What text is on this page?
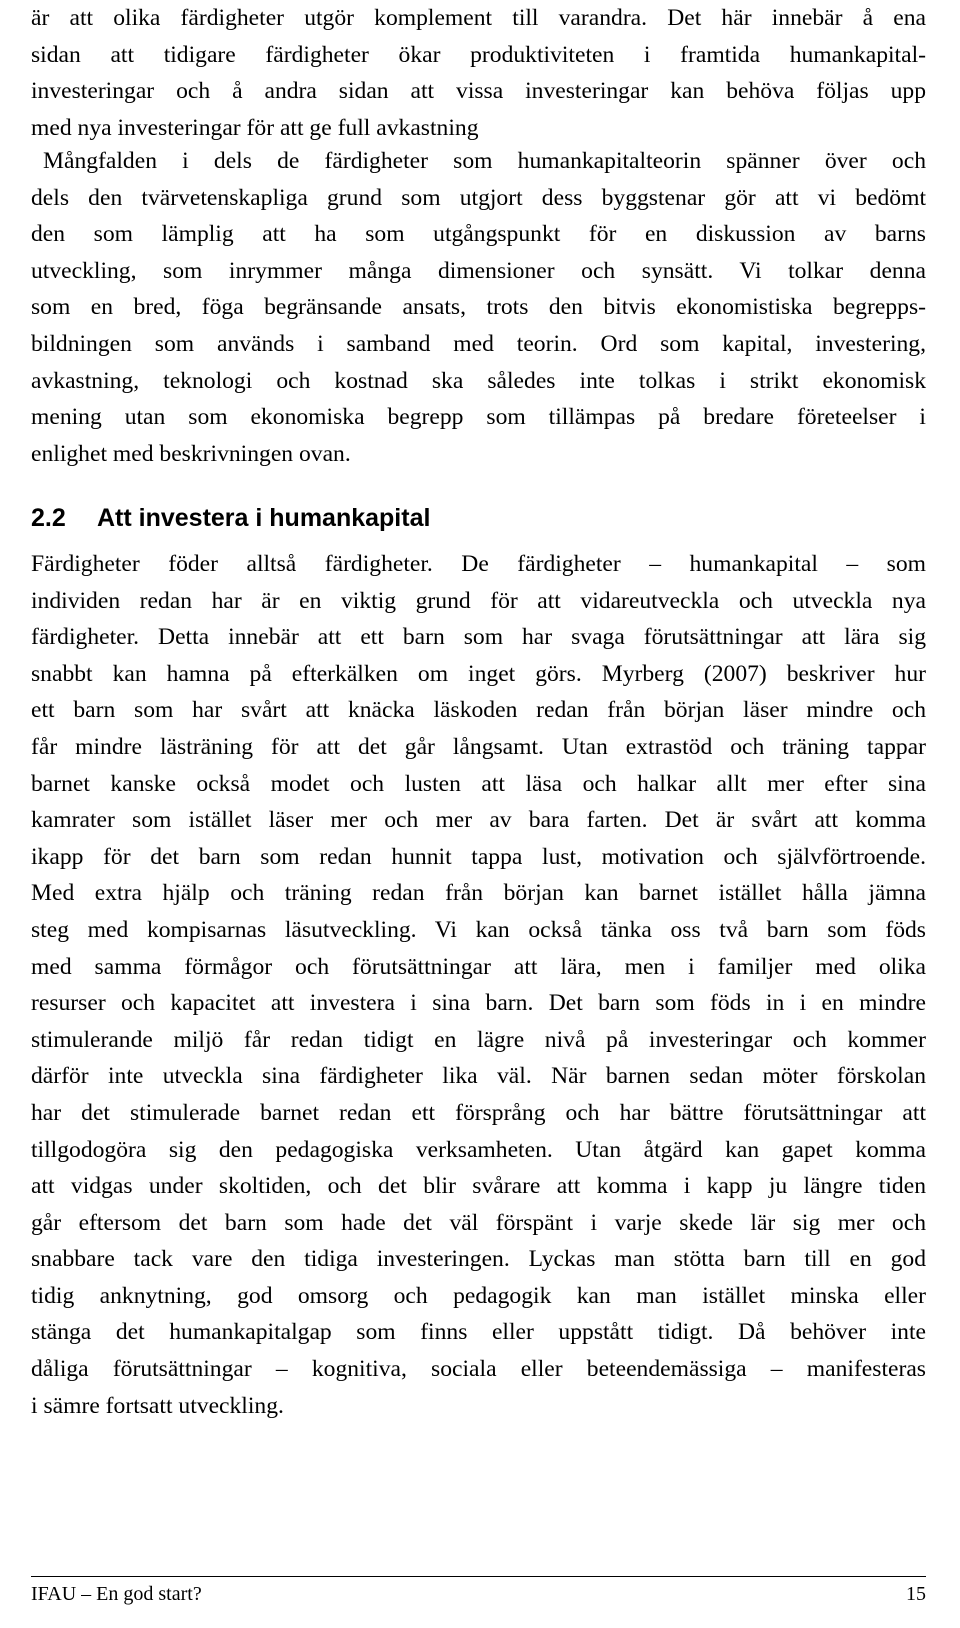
är att olika färdigheter utgör komplement till varandra. Det här innebär å ena
sidan att tidigare färdigheter ökar produktiviteten i framtida humankapital-
investeringar och å andra sidan att vissa investeringar kan behöva följas upp
med nya investeringar för att ge full avkastning
Mångfalden i dels de färdigheter som humankapitalteorin spänner över och
dels den tvärvetenskapliga grund som utgjort dess byggstenar gör att vi bedömt
den som lämplig att ha som utgångspunkt för en diskussion av barns
utveckling, som inrymmer många dimensioner och synsätt. Vi tolkar denna
som en bred, föga begränsande ansats, trots den bitvis ekonomistiska begrepps-
bildningen som används i samband med teorin. Ord som kapital, investering,
avkastning, teknologi och kostnad ska således inte tolkas i strikt ekonomisk
mening utan som ekonomiska begrepp som tillämpas på bredare företeelser i
enlighet med beskrivningen ovan.
2.2 Att investera i humankapital
Färdigheter föder alltså färdigheter. De färdigheter – humankapital – som
individen redan har är en viktig grund för att vidareutveckla och utveckla nya
färdigheter. Detta innebär att ett barn som har svaga förutsättningar att lära sig
snabbt kan hamna på efterkälken om inget görs. Myrberg (2007) beskriver hur
ett barn som har svårt att knäcka läskoden redan från början läser mindre och
får mindre lästräning för att det går långsamt. Utan extrastöd och träning tappar
barnet kanske också modet och lusten att läsa och halkar allt mer efter sina
kamrater som istället läser mer och mer av bara farten. Det är svårt att komma
ikapp för det barn som redan hunnit tappa lust, motivation och självförtroende.
Med extra hjälp och träning redan från början kan barnet istället hålla jämna
steg med kompisarnas läsutveckling. Vi kan också tänka oss två barn som föds
med samma förmågor och förutsättningar att lära, men i familjer med olika
resurser och kapacitet att investera i sina barn. Det barn som föds in i en mindre
stimulerande miljö får redan tidigt en lägre nivå på investeringar och kommer
därför inte utveckla sina färdigheter lika väl. När barnen sedan möter förskolan
har det stimulerade barnet redan ett försprång och har bättre förutsättningar att
tillgodogöra sig den pedagogiska verksamheten. Utan åtgärd kan gapet komma
att vidgas under skoltiden, och det blir svårare att komma i kapp ju längre tiden
går eftersom det barn som hade det väl förspänt i varje skede lär sig mer och
snabbare tack vare den tidiga investeringen. Lyckas man stötta barn till en god
tidig anknytning, god omsorg och pedagogik kan man istället minska eller
stänga det humankapitalgap som finns eller uppstått tidigt. Då behöver inte
dåliga förutsättningar – kognitiva, sociala eller beteendemässiga – manifesteras
i sämre fortsatt utveckling.
IFAU – En god start?	15
